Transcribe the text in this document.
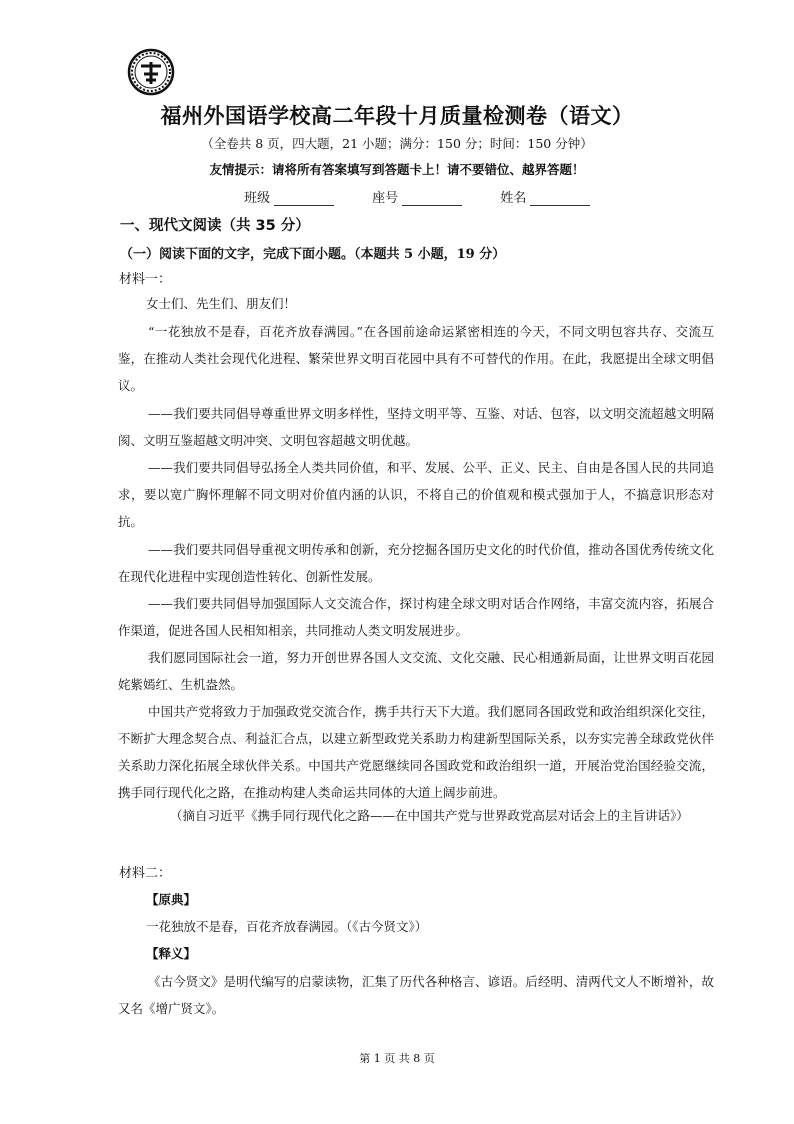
福州外国语学校高二年段十月质量检测卷（语文）
（全卷共 8 页，四大题，21 小题；满分：150 分；时间：150 分钟）
友情提示：请将所有答案填写到答题卡上！请不要错位、越界答题！
班级	座号	姓名
一、现代文阅读（共 35 分）
（一）阅读下面的文字，完成下面小题。（本题共 5 小题，19 分）
材料一：
女士们、先生们、朋友们！

“一花独放不是春，百花齐放春满园。”在各国前途命运紧密相连的今天，不同文明包容共存、交流互鉴，在推动人类社会现代化进程、繁荣世界文明百花园中具有不可替代的作用。在此，我愿提出全球文明倡议。

——我们要共同倡导尊重世界文明多样性，坚持文明平等、互鉴、对话、包容，以文明交流超越文明隔阂、文明互鉴超越文明冲突、文明包容超越文明优越。

——我们要共同倡导弘扬全人类共同价值，和平、发展、公平、正义、民主、自由是各国人民的共同追求，要以宽广胸怀理解不同文明对价值内涵的认识，不将自己的价值观和模式强加于人，不搞意识形态对抗。

——我们要共同倡导重视文明传承和创新，充分挖掘各国历史文化的时代价值，推动各国优秀传统文化在现代化进程中实现创造性转化、创新性发展。

——我们要共同倡导加强国际人文交流合作，探讨构建全球文明对话合作网络，丰富交流内容，拓展合作渠道，促进各国人民相知相亲，共同推动人类文明发展进步。

我们愿同国际社会一道，努力开创世界各国人文交流、文化交融、民心相通新局面，让世界文明百花园姹紫嫣红、生机盎然。

中国共产党将致力于加强政党交流合作，携手共行天下大道。我们愿同各国政党和政治组织深化交往，不断扩大理念契合点、利益汇合点，以建立新型政党关系助力构建新型国际关系，以夯实完善全球政党伙伴关系助力深化拓展全球伙伴关系。中国共产党愿继续同各国政党和政治组织一道，开展治党治国经验交流，携手同行现代化之路，在推动构建人类命运共同体的大道上阔步前进。

（摘自习近平《携手同行现代化之路——在中国共产党与世界政党高层对话会上的主旨讲话》）
材料二：
【原典】
一花独放不是春，百花齐放春满园。（《古今贤文》）
【释义】

《古今贤文》是明代编写的启蒙读物，汇集了历代各种格言、谚语。后经明、清两代文人不断增补，故又名《增广贤文》。

第 1 页 共 8 页
